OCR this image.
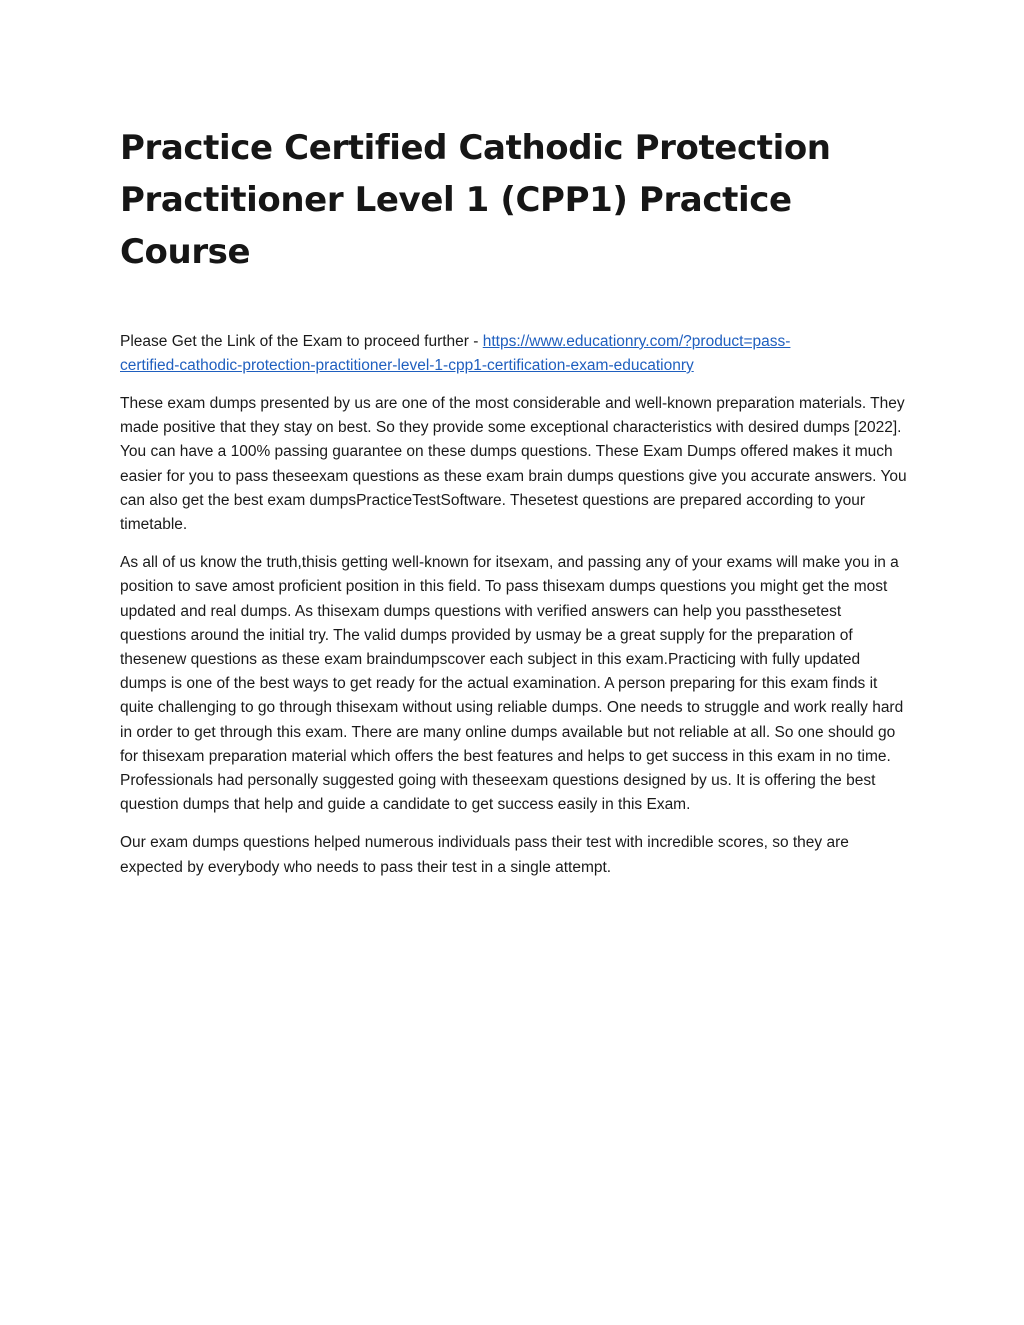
Practice Certified Cathodic Protection
Practitioner Level 1 (CPP1) Practice Course

Please Get the Link of the Exam to proceed further - https://www.educationry.com/?product=pass-
certified-cathodic-protection-practitioner-level-1-cpp1-certification-exam-educationry

These exam dumps presented by us are one of the most considerable and well-known preparation materials. They made positive that they stay on best. So they provide some exceptional characteristics with desired dumps [2022]. You can have a 100% passing guarantee on these dumps questions. These Exam Dumps offered makes it much easier for you to pass theseexam questions as these exam brain dumps questions give you accurate answers. You can also get the best exam dumpsPracticeTestSoftware. Thesetest questions are prepared according to your timetable.

As all of us know the truth,thisis getting well-known for itsexam, and passing any of your exams will make you in a position to save amost proficient position in this field. To pass thisexam dumps questions you might get the most updated and real dumps. As thisexam dumps questions with verified answers can help you passthesetest questions around the initial try. The valid dumps provided by usmay be a great supply for the preparation of thesenew questions as these exam braindumpscover each subject in this exam.Practicing with fully updated dumps is one of the best ways to get ready for the actual examination. A person preparing for this exam finds it quite challenging to go through thisexam without using reliable dumps. One needs to struggle and work really hard in order to get through this exam. There are many online dumps available but not reliable at all. So one should go for thisexam preparation material which offers the best features and helps to get success in this exam in no time. Professionals had personally suggested going with theseexam questions designed by us. It is offering the best question dumps that help and guide a candidate to get success easily in this Exam.

Our exam dumps questions helped numerous individuals pass their test with incredible scores, so they are expected by everybody who needs to pass their test in a single attempt.
